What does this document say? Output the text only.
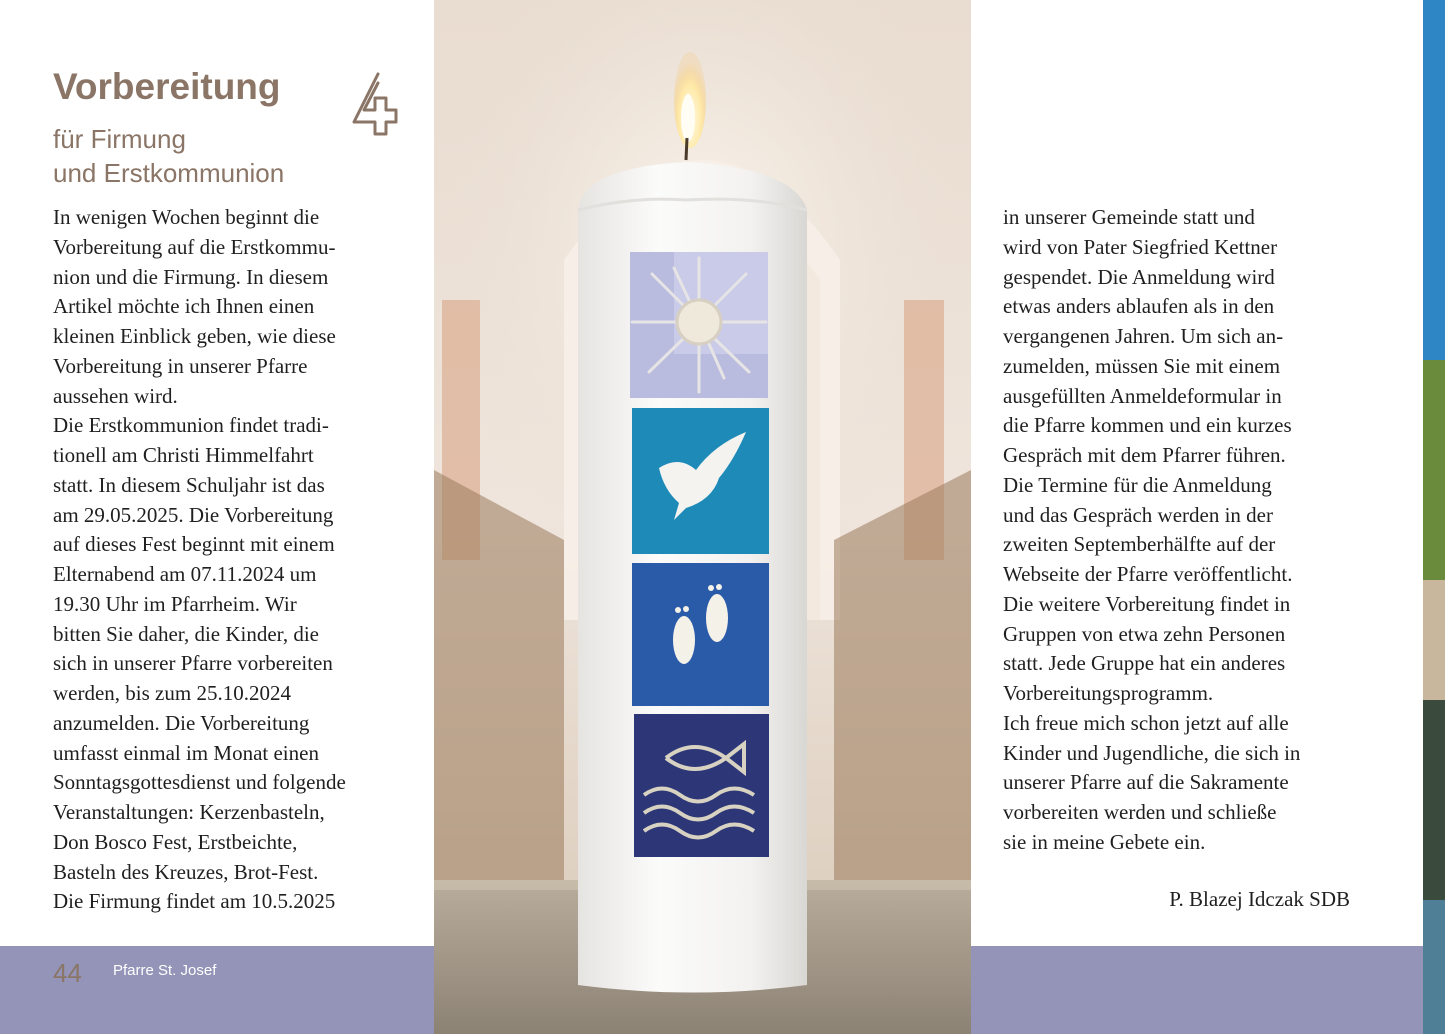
44 Pfarre St. Josef
Vorbereitung
für Firmung
und Erstkommunion
In wenigen Wochen beginnt die
Vorbereitung auf die Erstkommu-
nion und die Firmung. In diesem
Artikel möchte ich Ihnen einen
kleinen Einblick geben, wie diese
Vorbereitung in unserer Pfarre
aussehen wird.
Die Erstkommunion findet tradi-
tionell am Christi Himmelfahrt
statt. In diesem Schuljahr ist das
am 29.05.2025. Die Vorbereitung
auf dieses Fest beginnt mit einem
Elternabend am 07.11.2024 um
19.30 Uhr im Pfarrheim. Wir
bitten Sie daher, die Kinder, die
sich in unserer Pfarre vorbereiten
werden, bis zum 25.10.2024
anzumelden. Die Vorbereitung
umfasst einmal im Monat einen
Sonntagsgottesdienst und folgende
Veranstaltungen: Kerzenbasteln,
Don Bosco Fest, Erstbeichte,
Basteln des Kreuzes, Brot-Fest.
Die Firmung findet am 10.5.2025
in unserer Gemeinde statt und
wird von Pater Siegfried Kettner
gespendet. Die Anmeldung wird
etwas anders ablaufen als in den
vergangenen Jahren. Um sich an-
zumelden, müssen Sie mit einem
ausgefüllten Anmeldeformular in
die Pfarre kommen und ein kurzes
Gespräch mit dem Pfarrer führen.
Die Termine für die Anmeldung
und das Gespräch werden in der
zweiten Septemberhälfte auf der
Webseite der Pfarre veröffentlicht.
Die weitere Vorbereitung findet in
Gruppen von etwa zehn Personen
statt. Jede Gruppe hat ein anderes
Vorbereitungsprogramm.
Ich freue mich schon jetzt auf alle
Kinder und Jugendliche, die sich in
unserer Pfarre auf die Sakramente
vorbereiten werden und schließe
sie in meine Gebete ein.
P. Blazej Idczak SDB
